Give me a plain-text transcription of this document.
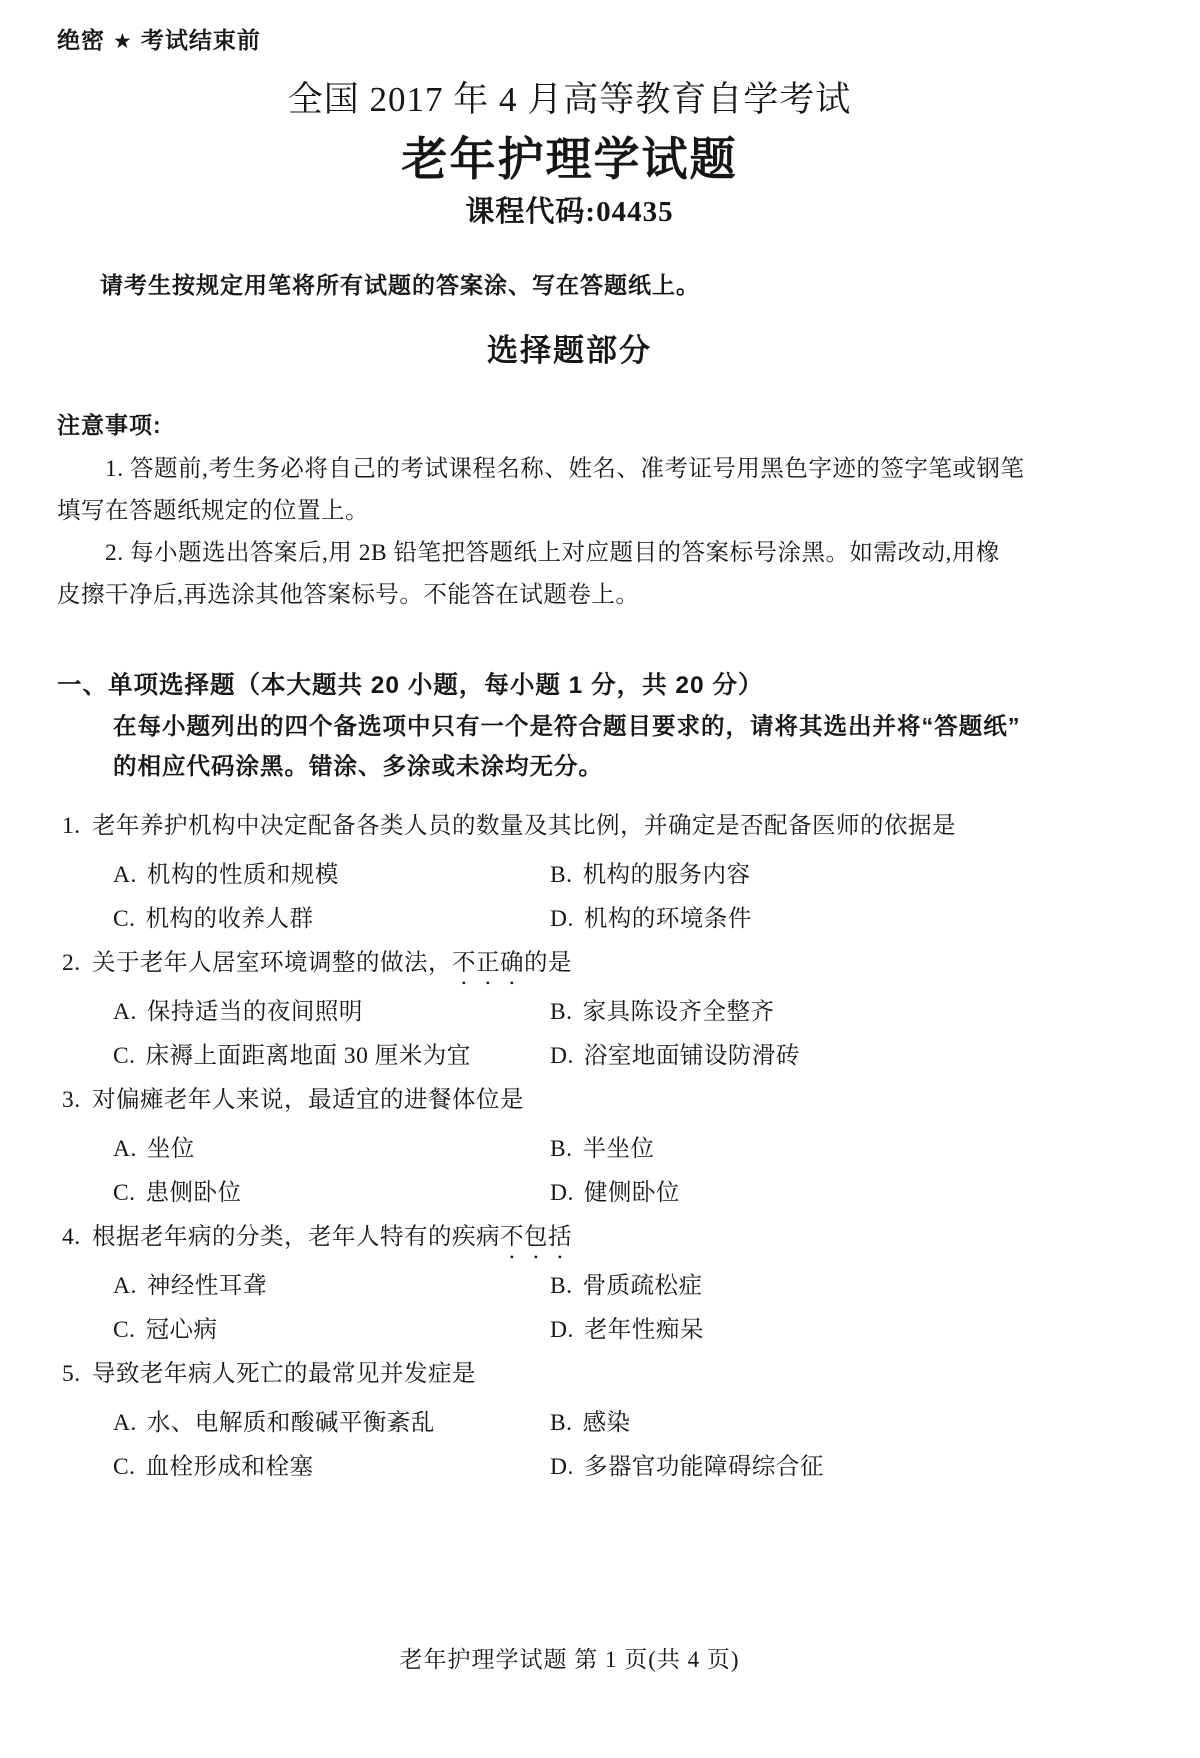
绝密 ★ 考试结束前
全国 2017 年 4 月高等教育自学考试
老年护理学试题
课程代码:04435
请考生按规定用笔将所有试题的答案涂、写在答题纸上。
选择题部分
注意事项:
1. 答题前,考生务必将自己的考试课程名称、姓名、准考证号用黑色字迹的签字笔或钢笔
填写在答题纸规定的位置上。
2. 每小题选出答案后,用 2B 铅笔把答题纸上对应题目的答案标号涂黑。如需改动,用橡
皮擦干净后,再选涂其他答案标号。不能答在试题卷上。
一、单项选择题（本大题共 20 小题，每小题 1 分，共 20 分）
在每小题列出的四个备选项中只有一个是符合题目要求的，请将其选出并将“答题纸”
的相应代码涂黑。错涂、多涂或未涂均无分。
1. 老年养护机构中决定配备各类人员的数量及其比例，并确定是否配备医师的依据是
A. 机构的性质和规模	B. 机构的服务内容
C. 机构的收养人群	D. 机构的环境条件
2. 关于老年人居室环境调整的做法，不正确的是
A. 保持适当的夜间照明	B. 家具陈设齐全整齐
C. 床褥上面距离地面 30 厘米为宜	D. 浴室地面铺设防滑砖
3. 对偏瘫老年人来说，最适宜的进餐体位是
A. 坐位	B. 半坐位
C. 患侧卧位	D. 健侧卧位
4. 根据老年病的分类，老年人特有的疾病不包括
A. 神经性耳聋	B. 骨质疏松症
C. 冠心病	D. 老年性痴呆
5. 导致老年病人死亡的最常见并发症是
A. 水、电解质和酸碱平衡紊乱	B. 感染
C. 血栓形成和栓塞	D. 多器官功能障碍综合征
老年护理学试题 第 1 页(共 4 页)
